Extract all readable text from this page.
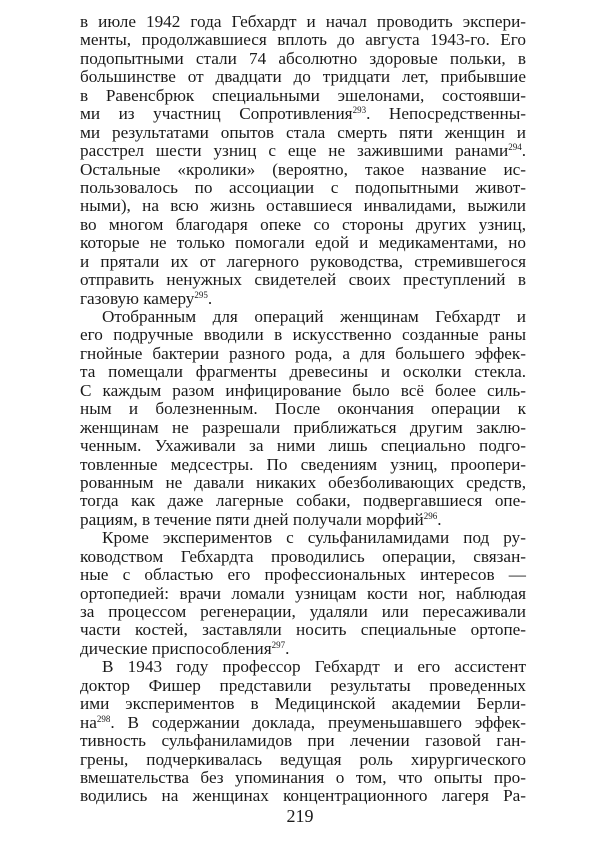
в июле 1942 года Гебхардт и начал проводить экспери-
менты, продолжавшиеся вплоть до августа 1943-го. Его
подопытными стали 74 абсолютно здоровые польки, в
большинстве от двадцати до тридцати лет, прибывшие
в Равенсбрюк специальными эшелонами, состоявши-
ми из участниц Сопротивления$^{293}$. Непосредственны-
ми результатами опытов стала смерть пяти женщин и
расстрел шести узниц с еще не зажившими ранами$^{294}$.
Остальные «кролики» (вероятно, такое название ис-
пользовалось по ассоциации с подопытными живот-
ными), на всю жизнь оставшиеся инвалидами, выжили
во многом благодаря опеке со стороны других узниц,
которые не только помогали едой и медикаментами, но
и прятали их от лагерного руководства, стремившегося
отправить ненужных свидетелей своих преступлений в
газовую камеру$^{295}$.
Отобранным для операций женщинам Гебхардт и
его подручные вводили в искусственно созданные раны
гнойные бактерии разного рода, а для большего эффек-
та помещали фрагменты древесины и осколки стекла.
С каждым разом инфицирование было всё более силь-
ным и болезненным. После окончания операции к
женщинам не разрешали приближаться другим заклю-
ченным. Ухаживали за ними лишь специально подго-
товленные медсестры. По сведениям узниц, проопери-
рованным не давали никаких обезболивающих средств,
тогда как даже лагерные собаки, подвергавшиеся опе-
рациям, в течение пяти дней получали морфий$^{296}$.
Кроме экспериментов с сульфаниламидами под ру-
ководством Гебхардта проводились операции, связан-
ные с областью его профессиональных интересов —
ортопедией: врачи ломали узницам кости ног, наблюдая
за процессом регенерации, удаляли или пересаживали
части костей, заставляли носить специальные ортопе-
дические приспособления$^{297}$.
В 1943 году профессор Гебхардт и его ассистент
доктор Фишер представили результаты проведенных
ими экспериментов в Медицинской академии Берли-
$на^{298}$. В содержании доклада, преуменьшавшего эффек-
тивность сульфаниламидов при лечении газовой ган-
грены, подчеркивалась ведущая роль хирургического
вмешательства без упоминания о том, что опыты про-
водились на женщинах концентрационного лагеря Ра-
219
